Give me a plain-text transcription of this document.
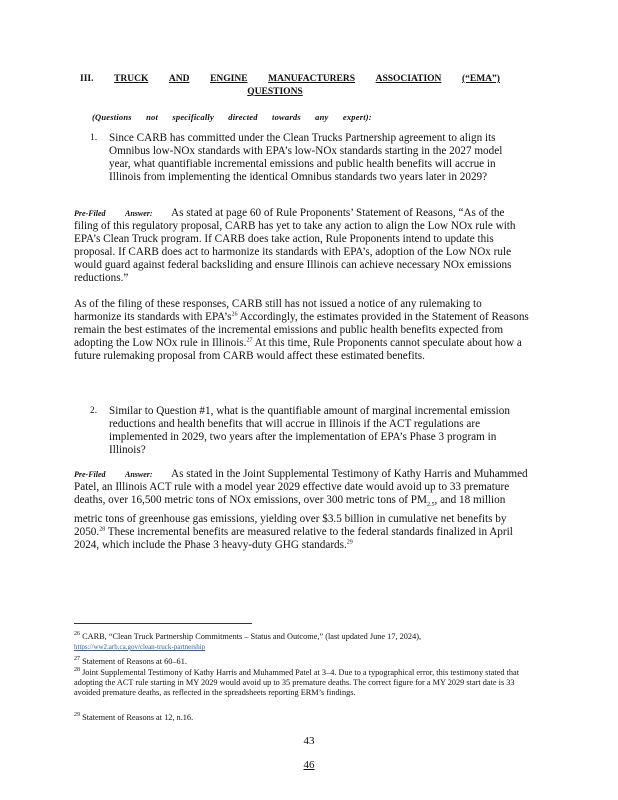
III. TRUCK AND ENGINE MANUFACTURERS ASSOCIATION (“EMA”)
QUESTIONS
(Questions not specifically directed towards any expert):
1. Since CARB has committed under the Clean Trucks Partnership agreement to align its Omnibus low-NOx standards with EPA’s low-NOx standards starting in the 2027 model year, what quantifiable incremental emissions and public health benefits will accrue in Illinois from implementing the identical Omnibus standards two years later in 2029?
Pre-Filed Answer: As stated at page 60 of Rule Proponents’ Statement of Reasons, “As of the filing of this regulatory proposal, CARB has yet to take any action to align the Low NOx rule with EPA’s Clean Truck program. If CARB does take action, Rule Proponents intend to update this proposal. If CARB does act to harmonize its standards with EPA’s, adoption of the Low NOx rule would guard against federal backsliding and ensure Illinois can achieve necessary NOx emissions reductions.”
As of the filing of these responses, CARB still has not issued a notice of any rulemaking to harmonize its standards with $EPA’s^{26}$ Accordingly, the estimates provided in the Statement of Reasons remain the best estimates of the incremental emissions and public health benefits expected from adopting the Low NOx rule in Illinois.$^{27}$ At this time, Rule Proponents cannot speculate about how a future rulemaking proposal from CARB would affect these estimated benefits.
2. Similar to Question #1, what is the quantifiable amount of marginal incremental emission reductions and health benefits that will accrue in Illinois if the ACT regulations are implemented in 2029, two years after the implementation of EPA’s Phase 3 program in Illinois?
Pre-Filed Answer: As stated in the Joint Supplemental Testimony of Kathy Harris and Muhammed Patel, an Illinois ACT rule with a model year 2029 effective date would avoid up to 33 premature deaths, over 16,500 metric tons of NOx emissions, over 300 metric tons of $PM_{2.5}$, and 18 million metric tons of greenhouse gas emissions, yielding over $3.5 billion in cumulative net benefits by 2050.28 These incremental benefits are measured relative to the federal standards finalized in April 2024, which include the Phase 3 heavy-duty GHG standards.$^{29}$
$^{26}$ CARB, “Clean Truck Partnership Commitments – Status and Outcome,” (last updated June 17, 2024),
https://ww2.arb.ca.gov/clean-truck-partnership
$^{27}$ Statement of Reasons at 60–61.
$^{28}$ Joint Supplemental Testimony of Kathy Harris and Muhammed Patel at 3–4. Due to a typographical error, this testimony stated that adopting the ACT rule starting in MY 2029 would avoid up to 35 premature deaths. The correct figure for a MY 2029 start date is 33 avoided premature deaths, as reflected in the spreadsheets reporting ERM’s findings.
$^{29}$ Statement of Reasons at 12, n.16.
43
46
